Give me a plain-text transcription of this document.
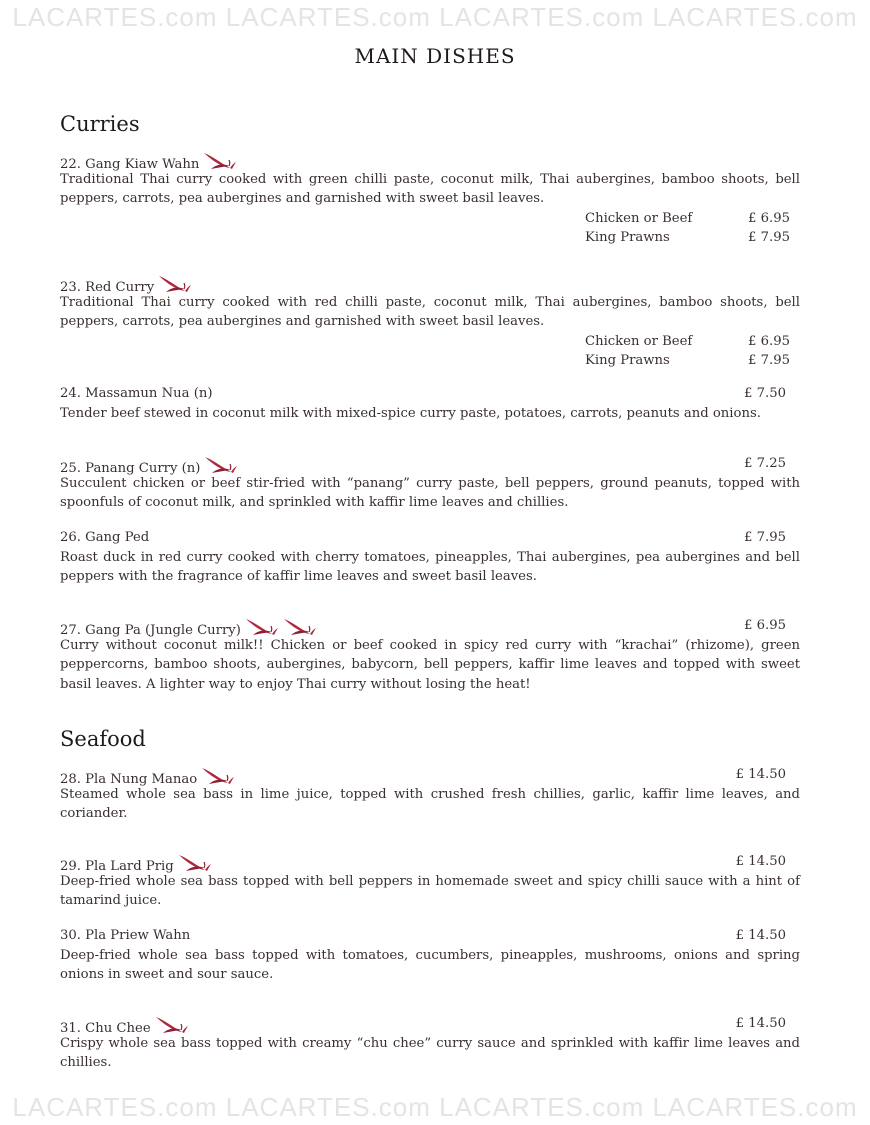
LACARTES.com LACARTES.com LACARTES.com LACARTES.com
MAIN DISHES
Curries
22. Gang Kiaw Wahn
Traditional Thai curry cooked with green chilli paste, coconut milk, Thai aubergines, bamboo shoots, bell peppers, carrots, pea aubergines and garnished with sweet basil leaves.
Chicken or Beef	£ 6.95
King Prawns	£ 7.95
23. Red Curry
Traditional Thai curry cooked with red chilli paste, coconut milk, Thai aubergines, bamboo shoots, bell peppers, carrots, pea aubergines and garnished with sweet basil leaves.
Chicken or Beef	£ 6.95
King Prawns	£ 7.95
24. Massamun Nua (n)	£ 7.50
Tender beef stewed in coconut milk with mixed-spice curry paste, potatoes, carrots, peanuts and onions.
25. Panang Curry (n)	£ 7.25
Succulent chicken or beef stir-fried with “panang” curry paste, bell peppers, ground peanuts, topped with spoonfuls of coconut milk, and sprinkled with kaffir lime leaves and chillies.
26. Gang Ped	£ 7.95
Roast duck in red curry cooked with cherry tomatoes, pineapples, Thai aubergines, pea aubergines and bell peppers with the fragrance of kaffir lime leaves and sweet basil leaves.
27. Gang Pa (Jungle Curry)	£ 6.95
Curry without coconut milk!! Chicken or beef cooked in spicy red curry with “krachai” (rhizome), green peppercorns, bamboo shoots, aubergines, babycorn, bell peppers, kaffir lime leaves and topped with sweet basil leaves. A lighter way to enjoy Thai curry without losing the heat!
Seafood
28. Pla Nung Manao	£ 14.50
Steamed whole sea bass in lime juice, topped with crushed fresh chillies, garlic, kaffir lime leaves, and coriander.
29. Pla Lard Prig	£ 14.50
Deep-fried whole sea bass topped with bell peppers in homemade sweet and spicy chilli sauce with a hint of tamarind juice.
30. Pla Priew Wahn	£ 14.50
Deep-fried whole sea bass topped with tomatoes, cucumbers, pineapples, mushrooms, onions and spring onions in sweet and sour sauce.
31. Chu Chee	£ 14.50
Crispy whole sea bass topped with creamy “chu chee” curry sauce and sprinkled with kaffir lime leaves and chillies.
LACARTES.com LACARTES.com LACARTES.com LACARTES.com
